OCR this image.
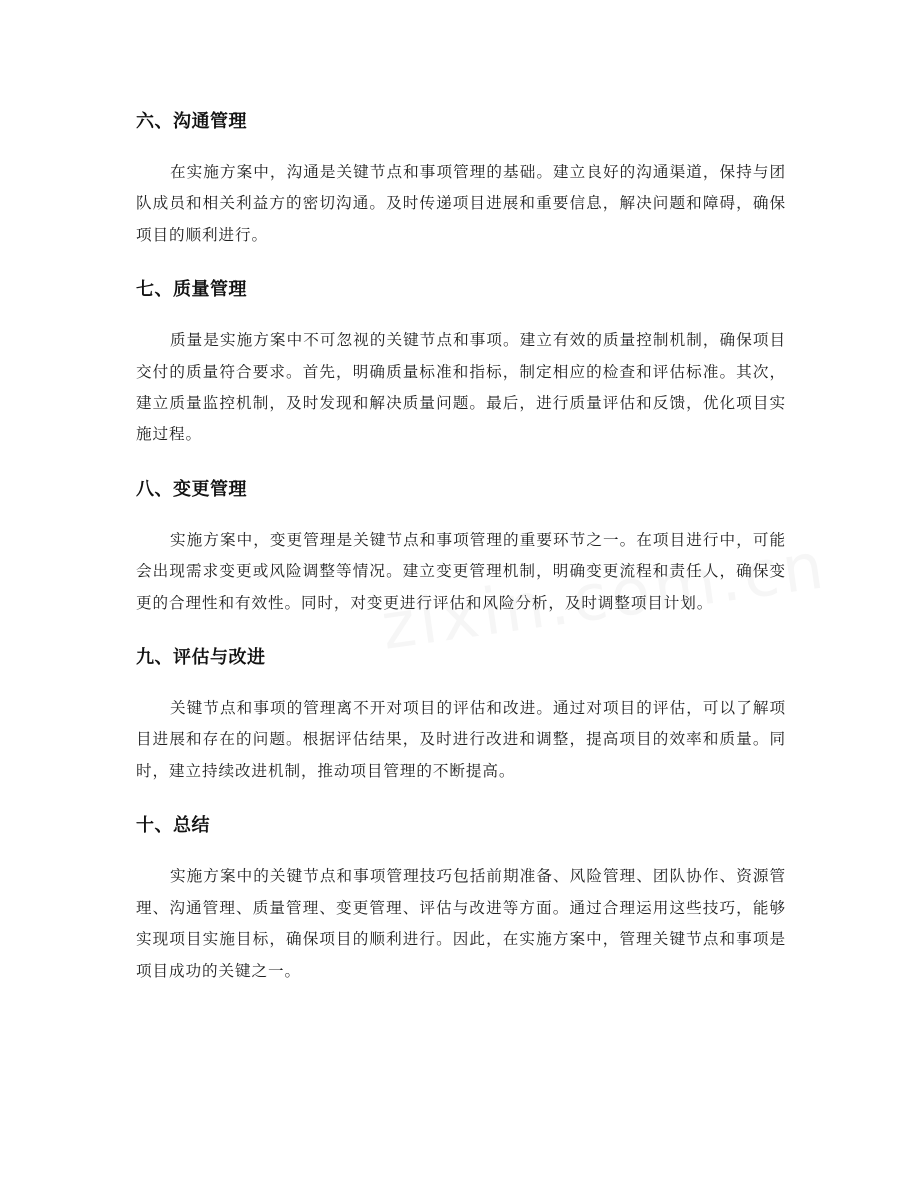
六、沟通管理

在实施方案中，沟通是关键节点和事项管理的基础。建立良好的沟通渠道，保持与团队成员和相关利益方的密切沟通。及时传递项目进展和重要信息，解决问题和障碍，确保项目的顺利进行。

七、质量管理

质量是实施方案中不可忽视的关键节点和事项。建立有效的质量控制机制，确保项目交付的质量符合要求。首先，明确质量标准和指标，制定相应的检查和评估标准。其次，建立质量监控机制，及时发现和解决质量问题。最后，进行质量评估和反馈，优化项目实施过程。

八、变更管理

实施方案中，变更管理是关键节点和事项管理的重要环节之一。在项目进行中，可能会出现需求变更或风险调整等情况。建立变更管理机制，明确变更流程和责任人，确保变更的合理性和有效性。同时，对变更进行评估和风险分析，及时调整项目计划。

九、评估与改进

关键节点和事项的管理离不开对项目的评估和改进。通过对项目的评估，可以了解项目进展和存在的问题。根据评估结果，及时进行改进和调整，提高项目的效率和质量。同时，建立持续改进机制，推动项目管理的不断提高。

十、总结

实施方案中的关键节点和事项管理技巧包括前期准备、风险管理、团队协作、资源管理、沟通管理、质量管理、变更管理、评估与改进等方面。通过合理运用这些技巧，能够实现项目实施目标，确保项目的顺利进行。因此，在实施方案中，管理关键节点和事项是项目成功的关键之一。
